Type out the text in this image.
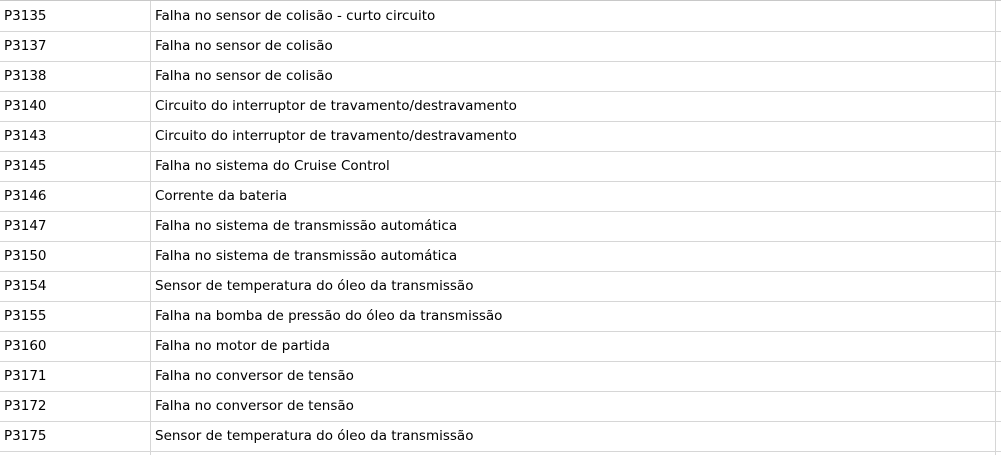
P3135	Falha no sensor de colisão - curto circuito
P3137	Falha no sensor de colisão
P3138	Falha no sensor de colisão
P3140	Circuito do interruptor de travamento/destravamento
P3143	Circuito do interruptor de travamento/destravamento
P3145	Falha no sistema do Cruise Control
P3146	Corrente da bateria
P3147	Falha no sistema de transmissão automática
P3150	Falha no sistema de transmissão automática
P3154	Sensor de temperatura do óleo da transmissão
P3155	Falha na bomba de pressão do óleo da transmissão
P3160	Falha no motor de partida
P3171	Falha no conversor de tensão
P3172	Falha no conversor de tensão
P3175	Sensor de temperatura do óleo da transmissão
